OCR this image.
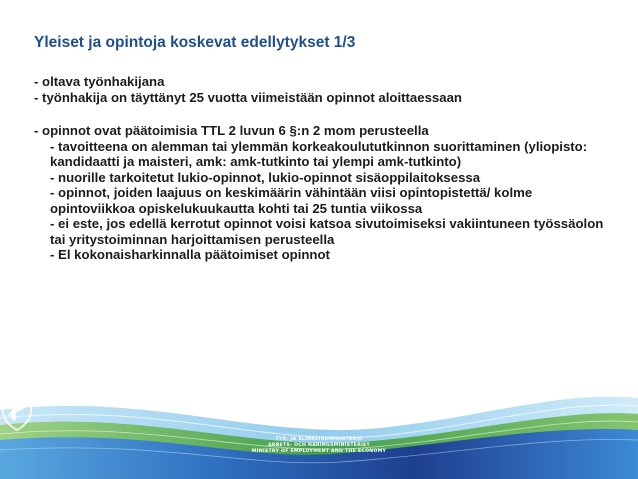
Yleiset ja opintoja koskevat edellytykset 1/3
- oltava työnhakijana
- työnhakija on täyttänyt 25 vuotta viimeistään opinnot aloittaessaan
- opinnot ovat päätoimisia TTL 2 luvun 6 §:n 2 mom perusteella
- tavoitteena on alemman tai ylemmän korkeakoulututkinnon suorittaminen (yliopisto: kandidaatti ja maisteri, amk: amk-tutkinto tai ylempi amk-tutkinto)
- nuorille tarkoitetut lukio-opinnot, lukio-opinnot sisäoppilaitoksessa
- opinnot, joiden laajuus on keskimäärin vähintään viisi opintopistettä/ kolme opintoviikkoa opiskelukuukautta kohti tai 25 tuntia viikossa
- ei este, jos edellä kerrotut opinnot voisi katsoa sivutoimiseksi vakiintuneen työssäolon tai yritystoiminnan harjoittamisen perusteella
- El kokonaisharkinnalla päätoimiset opinnot
TYÖ- JA ELINKEINOMINISTERIÖ
ARBETS- OCH NÄRINGSMINISTERIET
MINISTRY OF EMPLOYMENT AND THE ECONOMY
